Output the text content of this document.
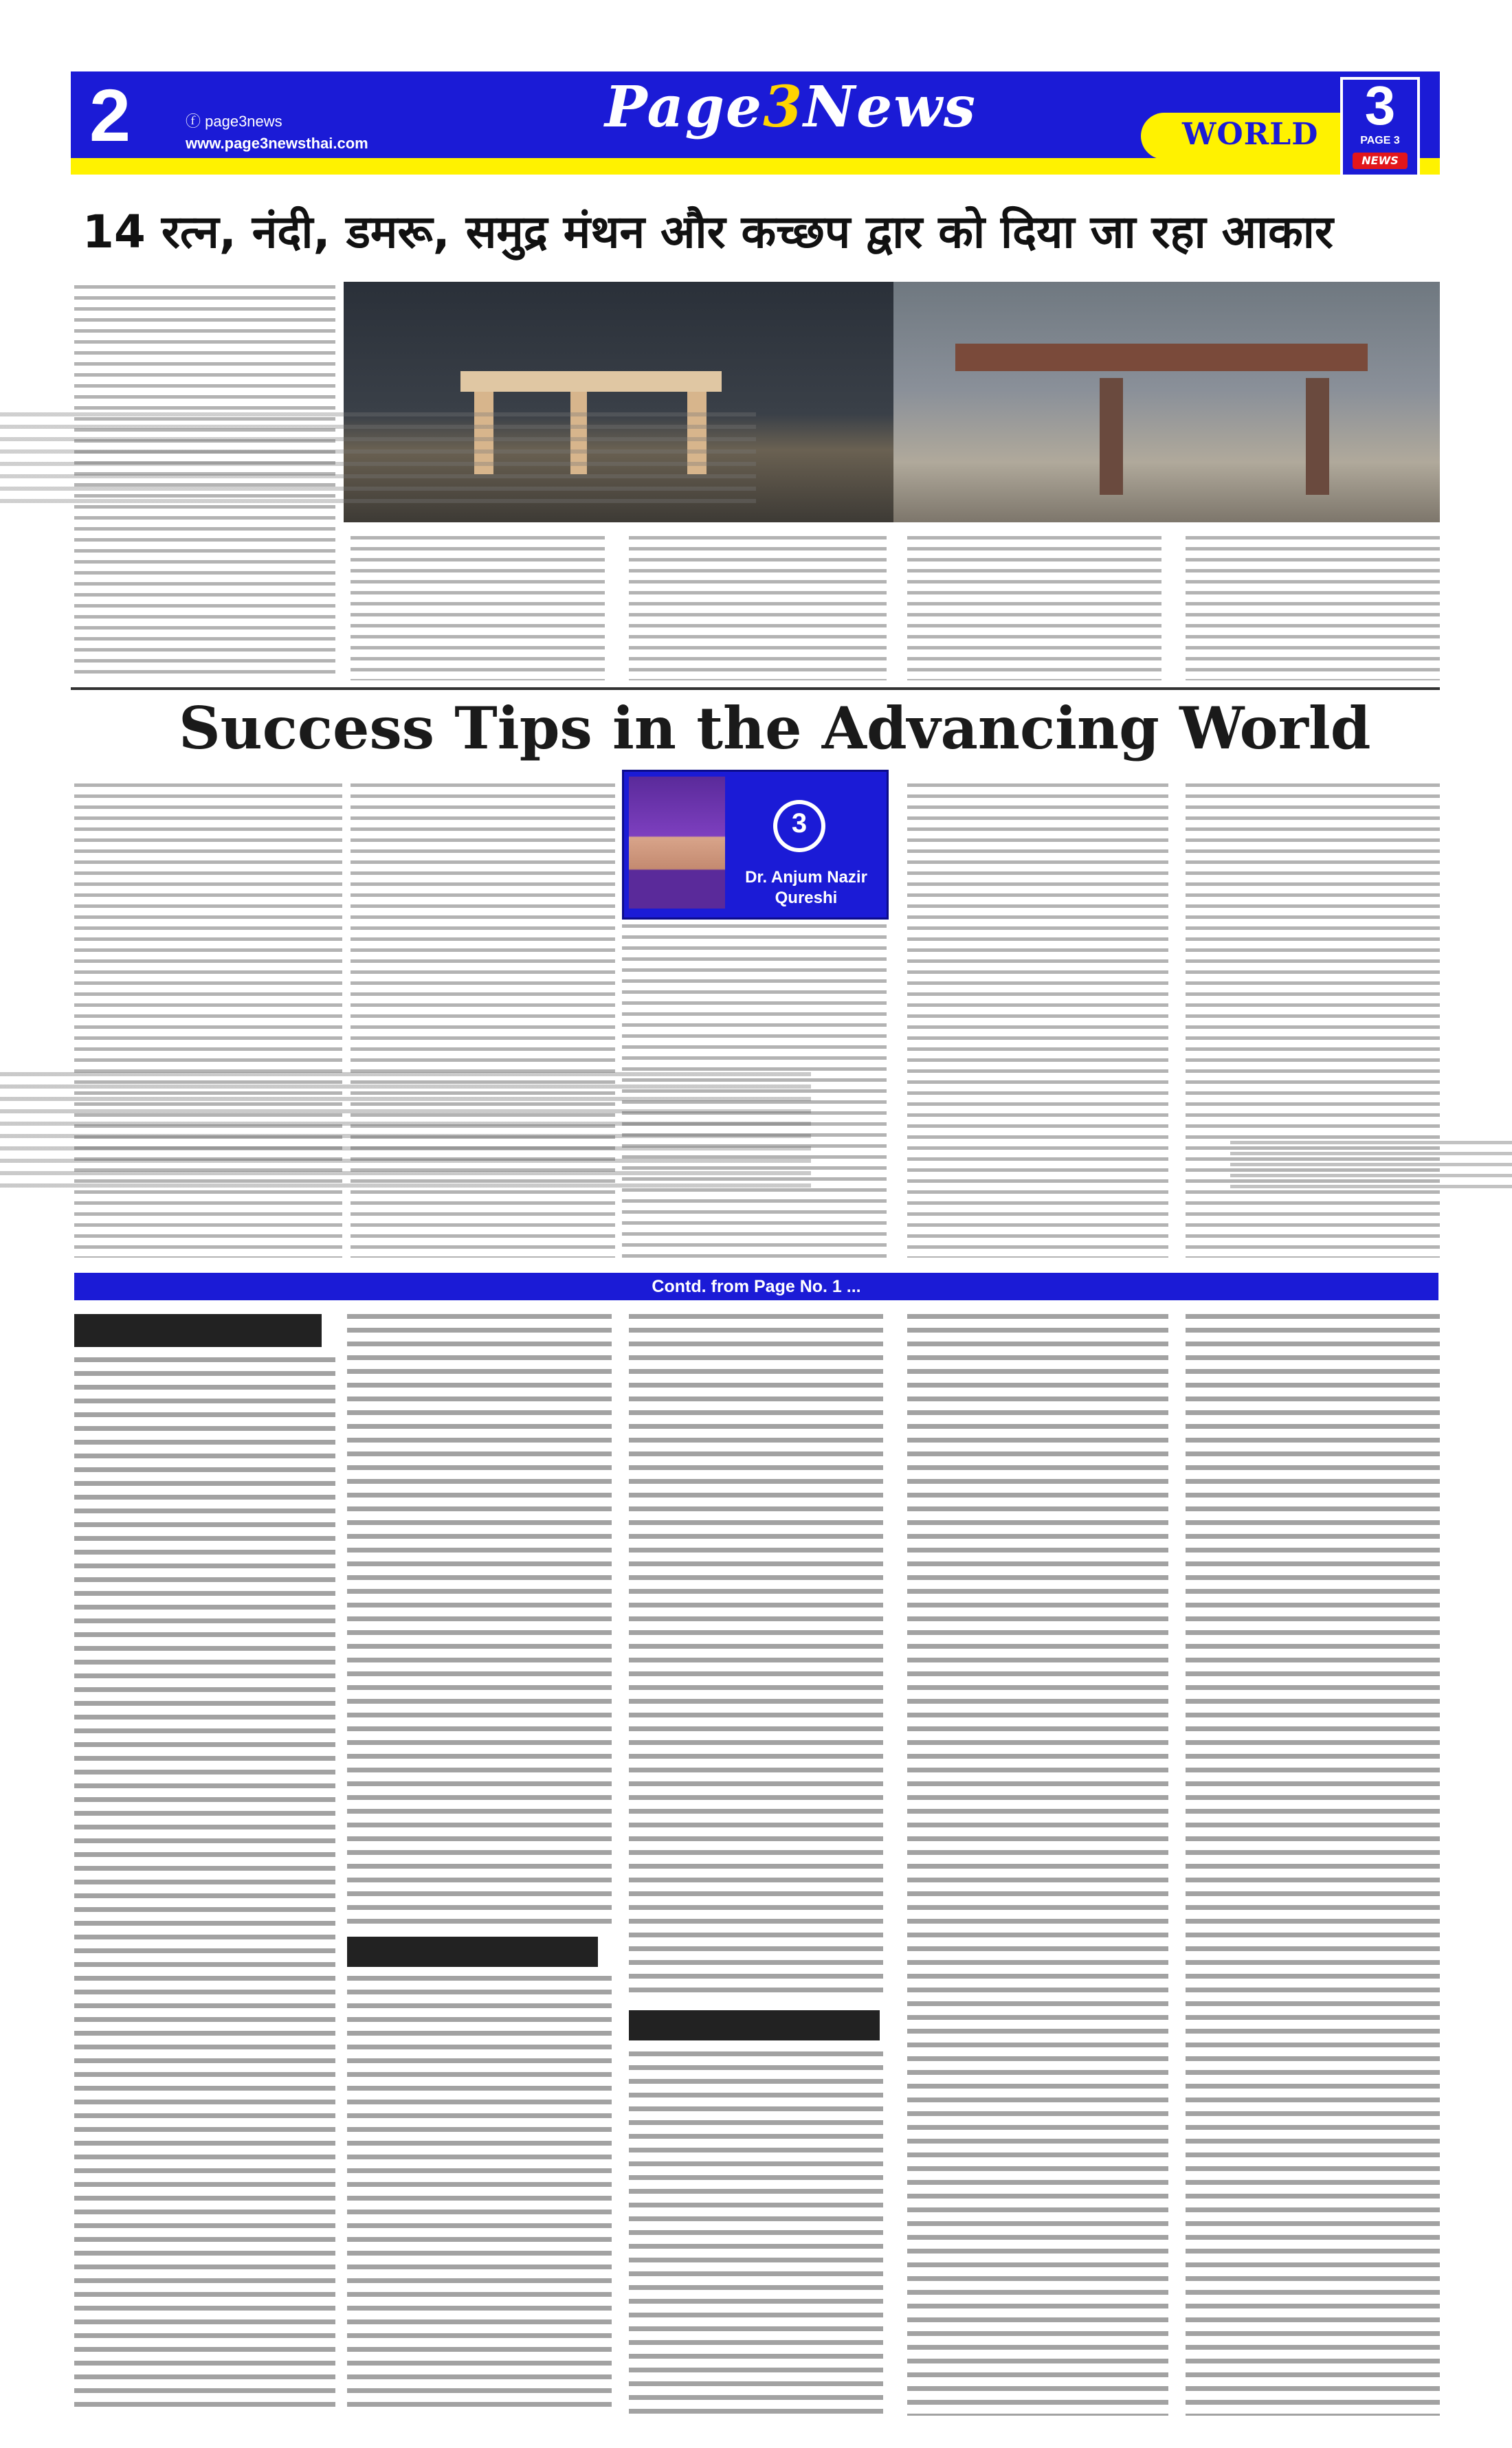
2	ⓕ page3news
www.page3newsthai.com
Page3News	WORLD 3
PAGE 3
NEWS
14 रत्न, नंदी, डमरू, समुद्र मंथन और कच्छप द्वार को दिया जा रहा आकार
Success Tips in the Advancing World
3
Dr. Anjum Nazir Qureshi
Contd. from Page No. 1 ...
